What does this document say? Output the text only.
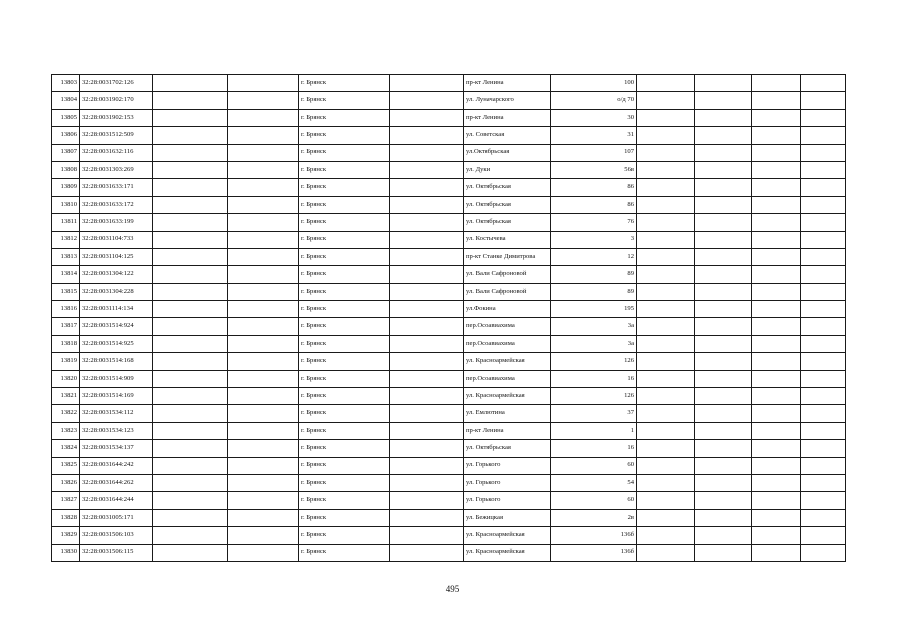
13803	32:28:0031702:126			г. Брянск		пр-кт Ленина	100				
13804	32:28:0031902:170			г. Брянск		ул. Луначарского	о/д 70				
13805	32:28:0031902:153			г. Брянск		пр-кт Ленина	30				
13806	32:28:0031512:509			г. Брянск		ул. Советская	31				
13807	32:28:0031632:116			г. Брянск		ул.Октябрьская	107				
13808	32:28:0031303:269			г. Брянск		ул. Дуки	56в				
13809	32:28:0031633:171			г. Брянск		ул. Октябрьская	86				
13810	32:28:0031633:172			г. Брянск		ул. Октябрьская	86				
13811	32:28:0031633:199			г. Брянск		ул. Октябрьская	76				
13812	32:28:0031104:733			г. Брянск		ул. Костычева	3				
13813	32:28:0031104:125			г. Брянск		пр-кт Станке Димитрова	12				
13814	32:28:0031304:122			г. Брянск		ул. Вали Сафроновой	89				
13815	32:28:0031304:228			г. Брянск		ул. Вали Сафроновой	89				
13816	32:28:0031114:134			г. Брянск		ул.Фокина	195				
13817	32:28:0031514:924			г. Брянск		пер.Осоавиахима	3а				
13818	32:28:0031514:925			г. Брянск		пер.Осоавиахима	3а				
13819	32:28:0031514:168			г. Брянск		ул. Красноармейская	126				
13820	32:28:0031514:909			г. Брянск		пер.Осоавиахима	16				
13821	32:28:0031514:169			г. Брянск		ул. Красноармейская	126				
13822	32:28:0031534:112			г. Брянск		ул. Емлютина	37				
13823	32:28:0031534:123			г. Брянск		пр-кт Ленина	1				
13824	32:28:0031534:137			г. Брянск		ул. Октябрьская	16				
13825	32:28:0031644:242			г. Брянск		ул. Горького	60				
13826	32:28:0031644:262			г. Брянск		ул. Горького	54				
13827	32:28:0031644:244			г. Брянск		ул. Горького	60				
13828	32:28:0031005:171			г. Брянск		ул. Бежицкая	2в				
13829	32:28:0031506:103			г. Брянск		ул. Красноармейская	136б				
13830	32:28:0031506:115			г. Брянск		ул. Красноармейская	136б				
495
